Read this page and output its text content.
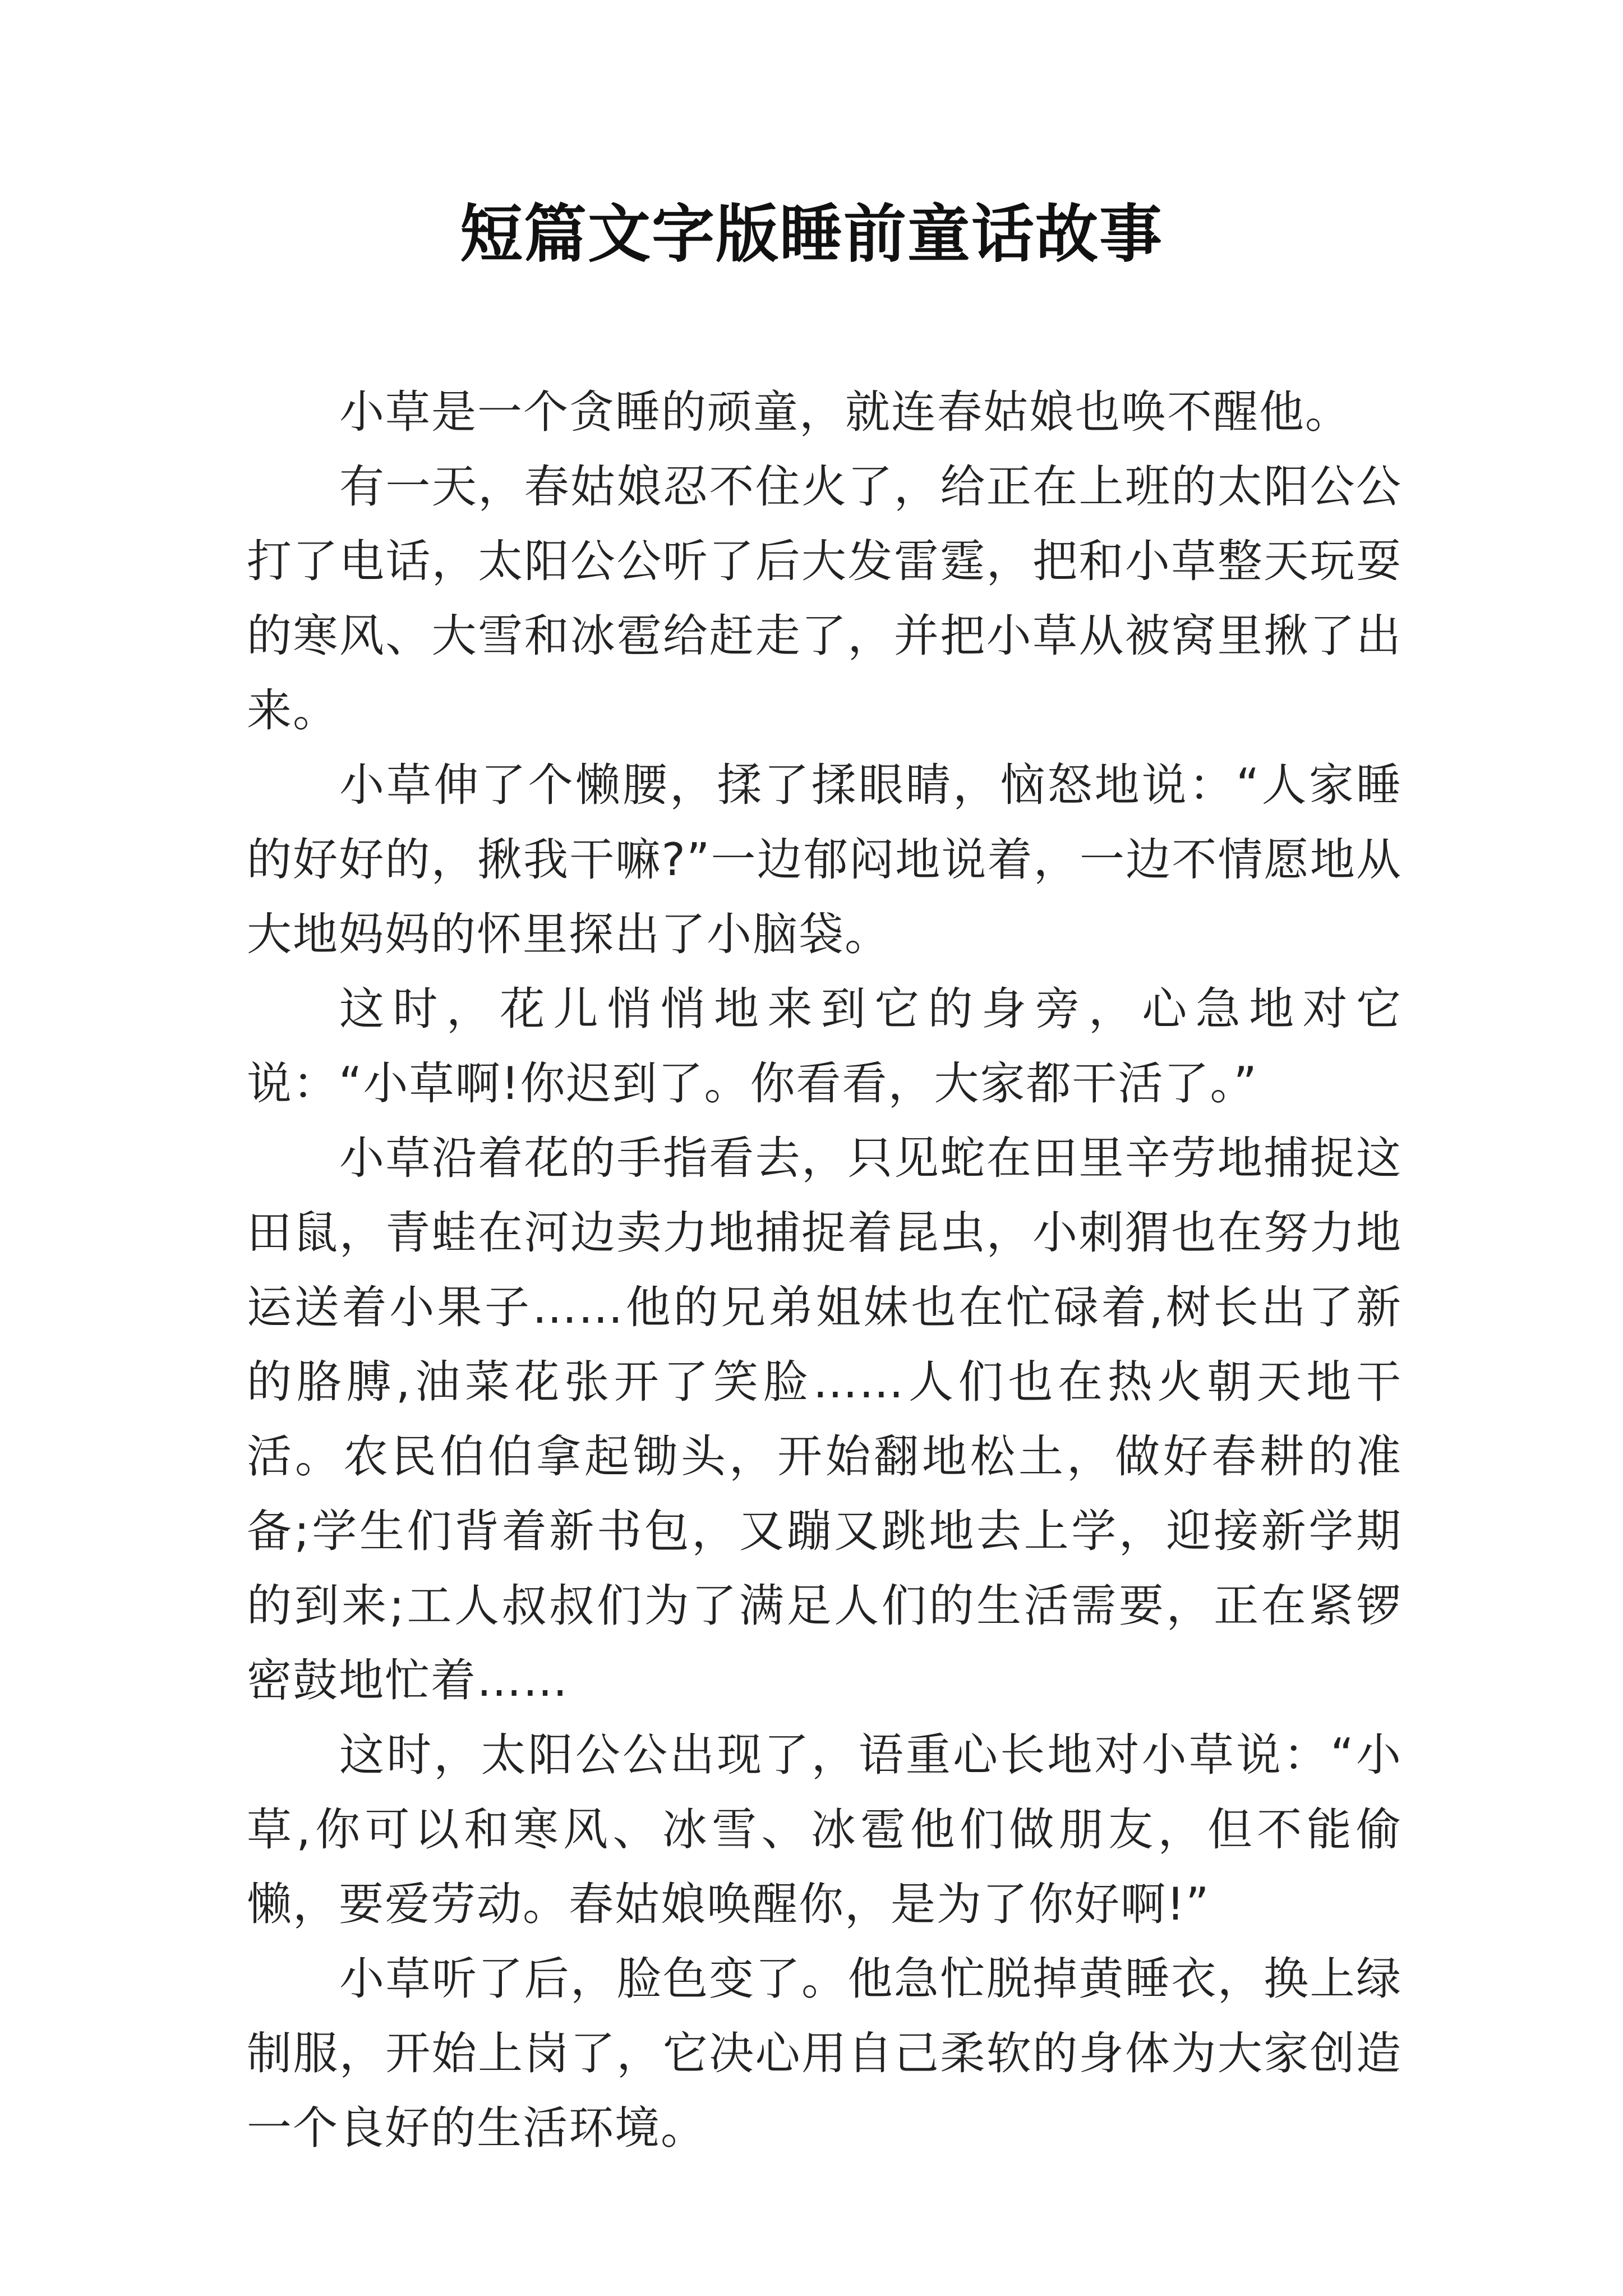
短篇文字版睡前童话故事

小草是一个贪睡的顽童，就连春姑娘也唤不醒他。

有一天，春姑娘忍不住火了，给正在上班的太阳公公打了电话，太阳公公听了后大发雷霆，把和小草整天玩耍的寒风、大雪和冰雹给赶走了，并把小草从被窝里揪了出来。

小草伸了个懒腰，揉了揉眼睛，恼怒地说：“人家睡的好好的，揪我干嘛?”一边郁闷地说着，一边不情愿地从大地妈妈的怀里探出了小脑袋。

这时，花儿悄悄地来到它的身旁，心急地对它说：“小草啊!你迟到了。你看看，大家都干活了。”

小草沿着花的手指看去，只见蛇在田里辛劳地捕捉这田鼠，青蛙在河边卖力地捕捉着昆虫，小刺猬也在努力地运送着小果子……他的兄弟姐妹也在忙碌着,树长出了新的胳膊,油菜花张开了笑脸……人们也在热火朝天地干活。农民伯伯拿起锄头，开始翻地松土，做好春耕的准备;学生们背着新书包，又蹦又跳地去上学，迎接新学期的到来;工人叔叔们为了满足人们的生活需要，正在紧锣密鼓地忙着……

这时，太阳公公出现了，语重心长地对小草说：“小草,你可以和寒风、冰雪、冰雹他们做朋友，但不能偷懒，要爱劳动。春姑娘唤醒你，是为了你好啊!”

小草听了后，脸色变了。他急忙脱掉黄睡衣，换上绿制服，开始上岗了，它决心用自己柔软的身体为大家创造一个良好的生活环境。
